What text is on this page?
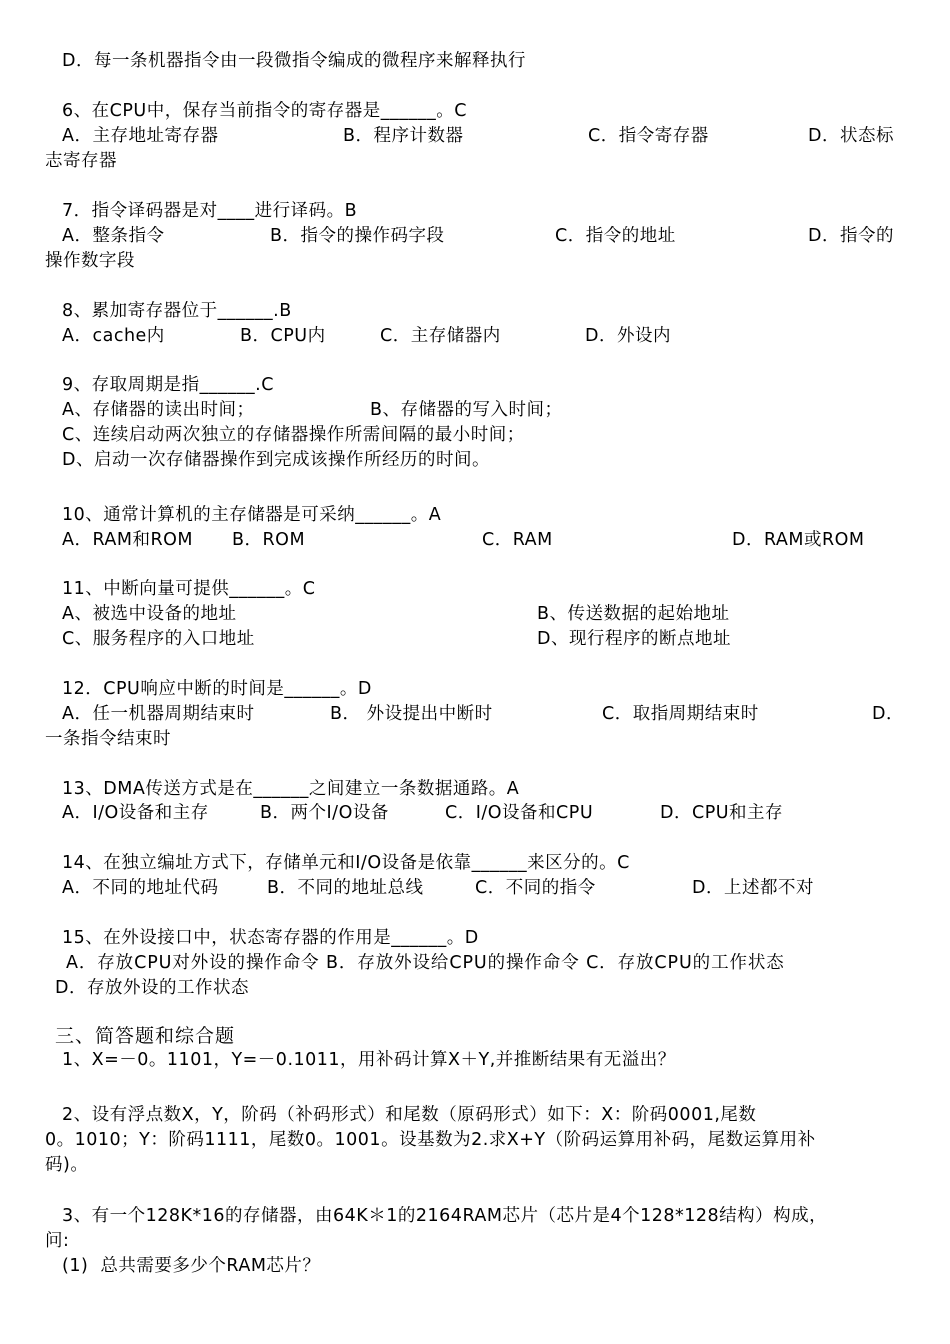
D．每一条机器指令由一段微指令编成的微程序来解释执行
6、在CPU中，保存当前指令的寄存器是______。C
A．主存地址寄存器	B．程序计数器	C．指令寄存器	D．状态标
志寄存器
7．指令译码器是对____进行译码。B
A．整条指令	B．指令的操作码字段	C．指令的地址	D．指令的
操作数字段
8、累加寄存器位于______.B
A．cache内	B．CPU内	C．主存储器内	D．外设内
9、存取周期是指______.C
A、存储器的读出时间；	B、存储器的写入时间；
C、连续启动两次独立的存储器操作所需间隔的最小时间；
D、启动一次存储器操作到完成该操作所经历的时间。
10、通常计算机的主存储器是可采纳______。A
A．RAM和ROM B．ROM	C．RAM	D．RAM或ROM
11、中断向量可提供______。C
A、被选中设备的地址	B、传送数据的起始地址
C、服务程序的入口地址	D、现行程序的断点地址
12．CPU响应中断的时间是______。D
A．任一机器周期结束时	B． 外设提出中断时	C．取指周期结束时	D．
一条指令结束时
13、DMA传送方式是在______之间建立一条数据通路。A
A．I/O设备和主存	B．两个I/O设备	C．I/O设备和CPU	D．CPU和主存
14、在独立编址方式下，存储单元和I/O设备是依靠______来区分的。C
A．不同的地址代码	B．不同的地址总线	C．不同的指令	D．上述都不对
15、在外设接口中，状态寄存器的作用是______。D
A．存放CPU对外设的操作命令 B．存放外设给CPU的操作命令 C．存放CPU的工作状态
D．存放外设的工作状态
三、简答题和综合题
1、X=－0。1101，Y=－0.1011，用补码计算X＋Y,并推断结果有无溢出？
2、设有浮点数X，Y，阶码（补码形式）和尾数（原码形式）如下：X：阶码0001,尾数
0。1010；Y：阶码1111，尾数0。1001。设基数为2.求X+Y（阶码运算用补码，尾数运算用补
码)。
3、有一个128K*16的存储器，由64K＊1的2164RAM芯片（芯片是4个128*128结构）构成，
问:
(1)  总共需要多少个RAM芯片？
